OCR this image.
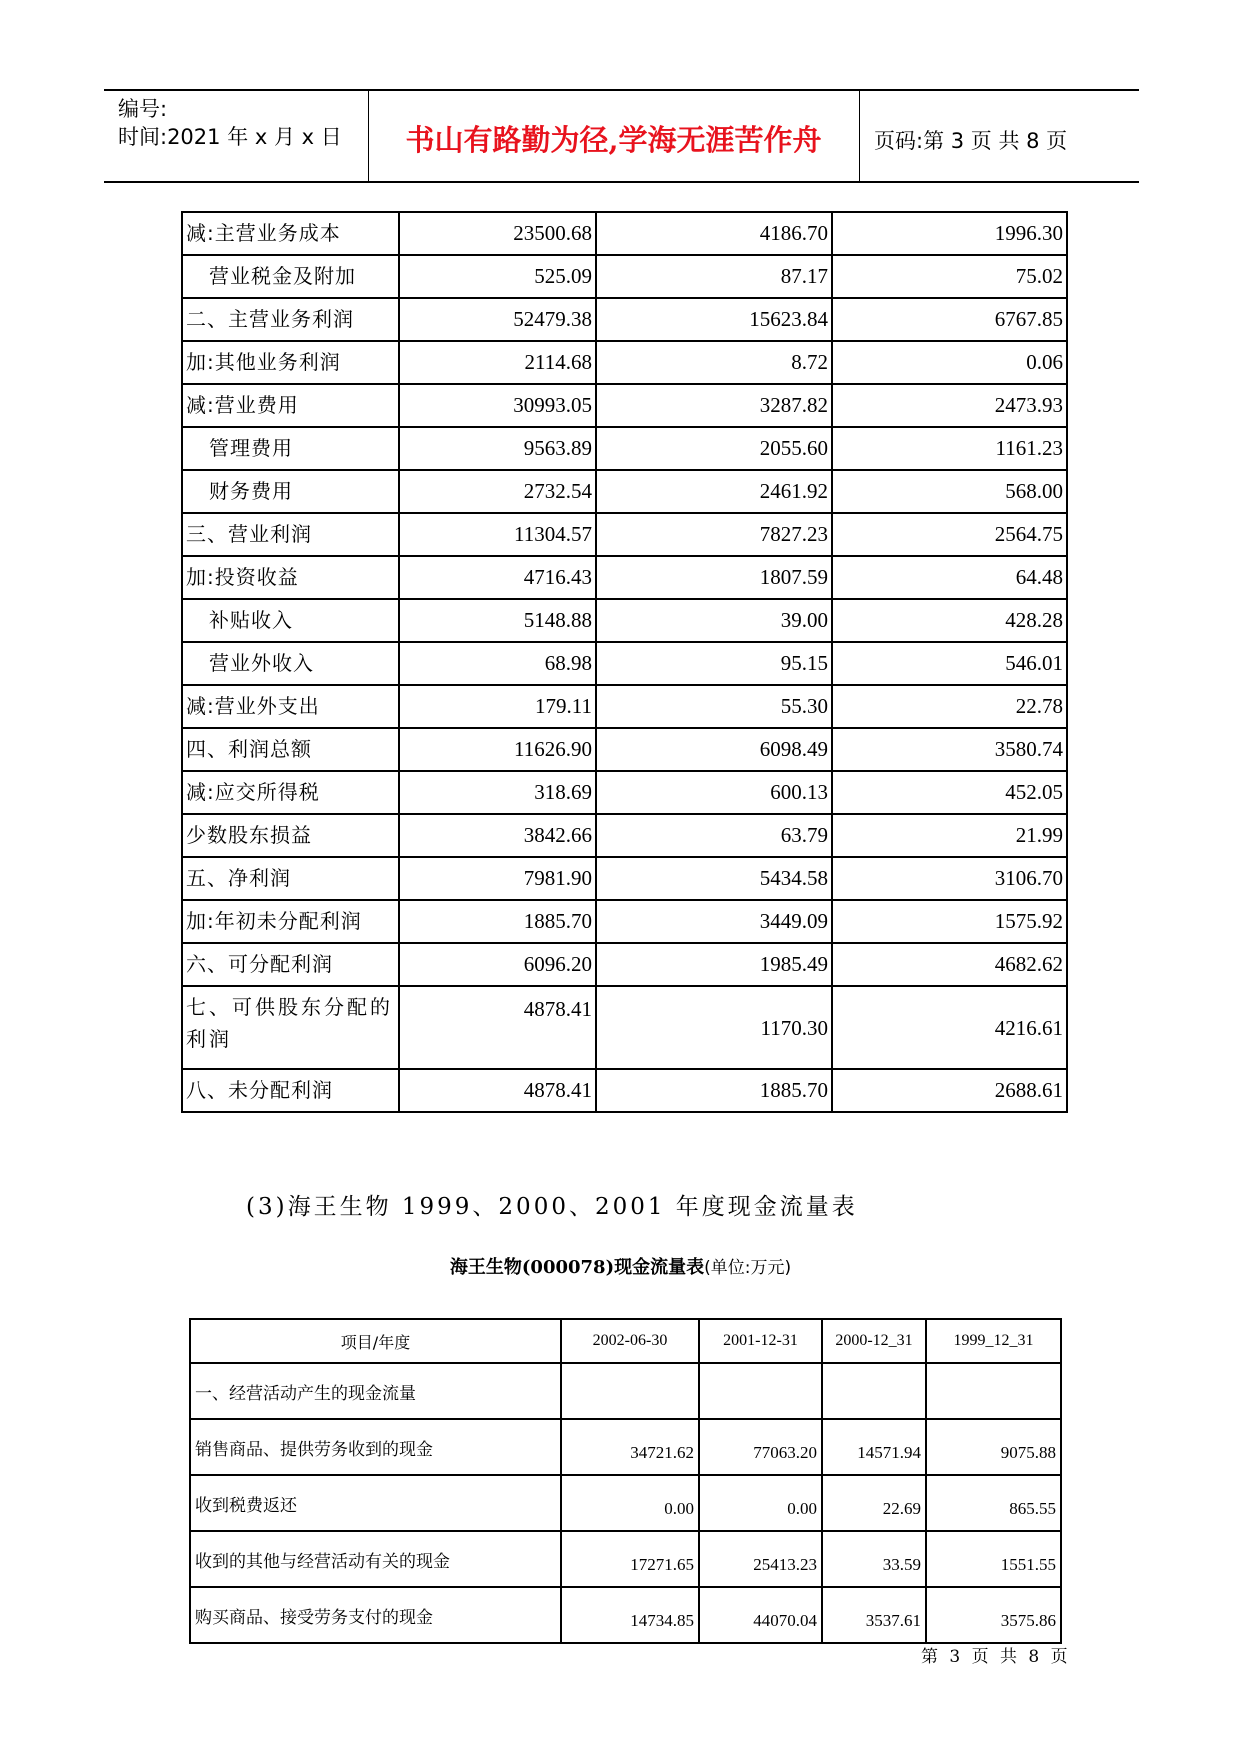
编号:
时间:2021 年 x 月 x 日	书山有路勤为径,学海无涯苦作舟	页码:第 3 页 共 8 页
减:主营业务成本	23500.68	4186.70	1996.30
营业税金及附加	525.09	87.17	75.02
二、主营业务利润	52479.38	15623.84	6767.85
加:其他业务利润	2114.68	8.72	0.06
减:营业费用	30993.05	3287.82	2473.93
管理费用	9563.89	2055.60	1161.23
财务费用	2732.54	2461.92	568.00
三、营业利润	11304.57	7827.23	2564.75
加:投资收益	4716.43	1807.59	64.48
补贴收入	5148.88	39.00	428.28
营业外收入	68.98	95.15	546.01
减:营业外支出	179.11	55.30	22.78
四、利润总额	11626.90	6098.49	3580.74
减:应交所得税	318.69	600.13	452.05
少数股东损益	3842.66	63.79	21.99
五、净利润	7981.90	5434.58	3106.70
加:年初未分配利润	1885.70	3449.09	1575.92
六、可分配利润	6096.20	1985.49	4682.62
七、可供股东分配的利润	4878.41	1170.30	4216.61
八、未分配利润	4878.41	1885.70	2688.61
(3)海王生物 1999、2000、2001 年度现金流量表
海王生物(000078)现金流量表(单位:万元)
项目/年度	2002-06-30	2001-12-31	2000-12_31	1999_12_31
一、经营活动产生的现金流量				
销售商品、提供劳务收到的现金	34721.62	77063.20	14571.94	9075.88
收到税费返还	0.00	0.00	22.69	865.55
收到的其他与经营活动有关的现金	17271.65	25413.23	33.59	1551.55
购买商品、接受劳务支付的现金	14734.85	44070.04	3537.61	3575.86
第 3 页 共 8 页
